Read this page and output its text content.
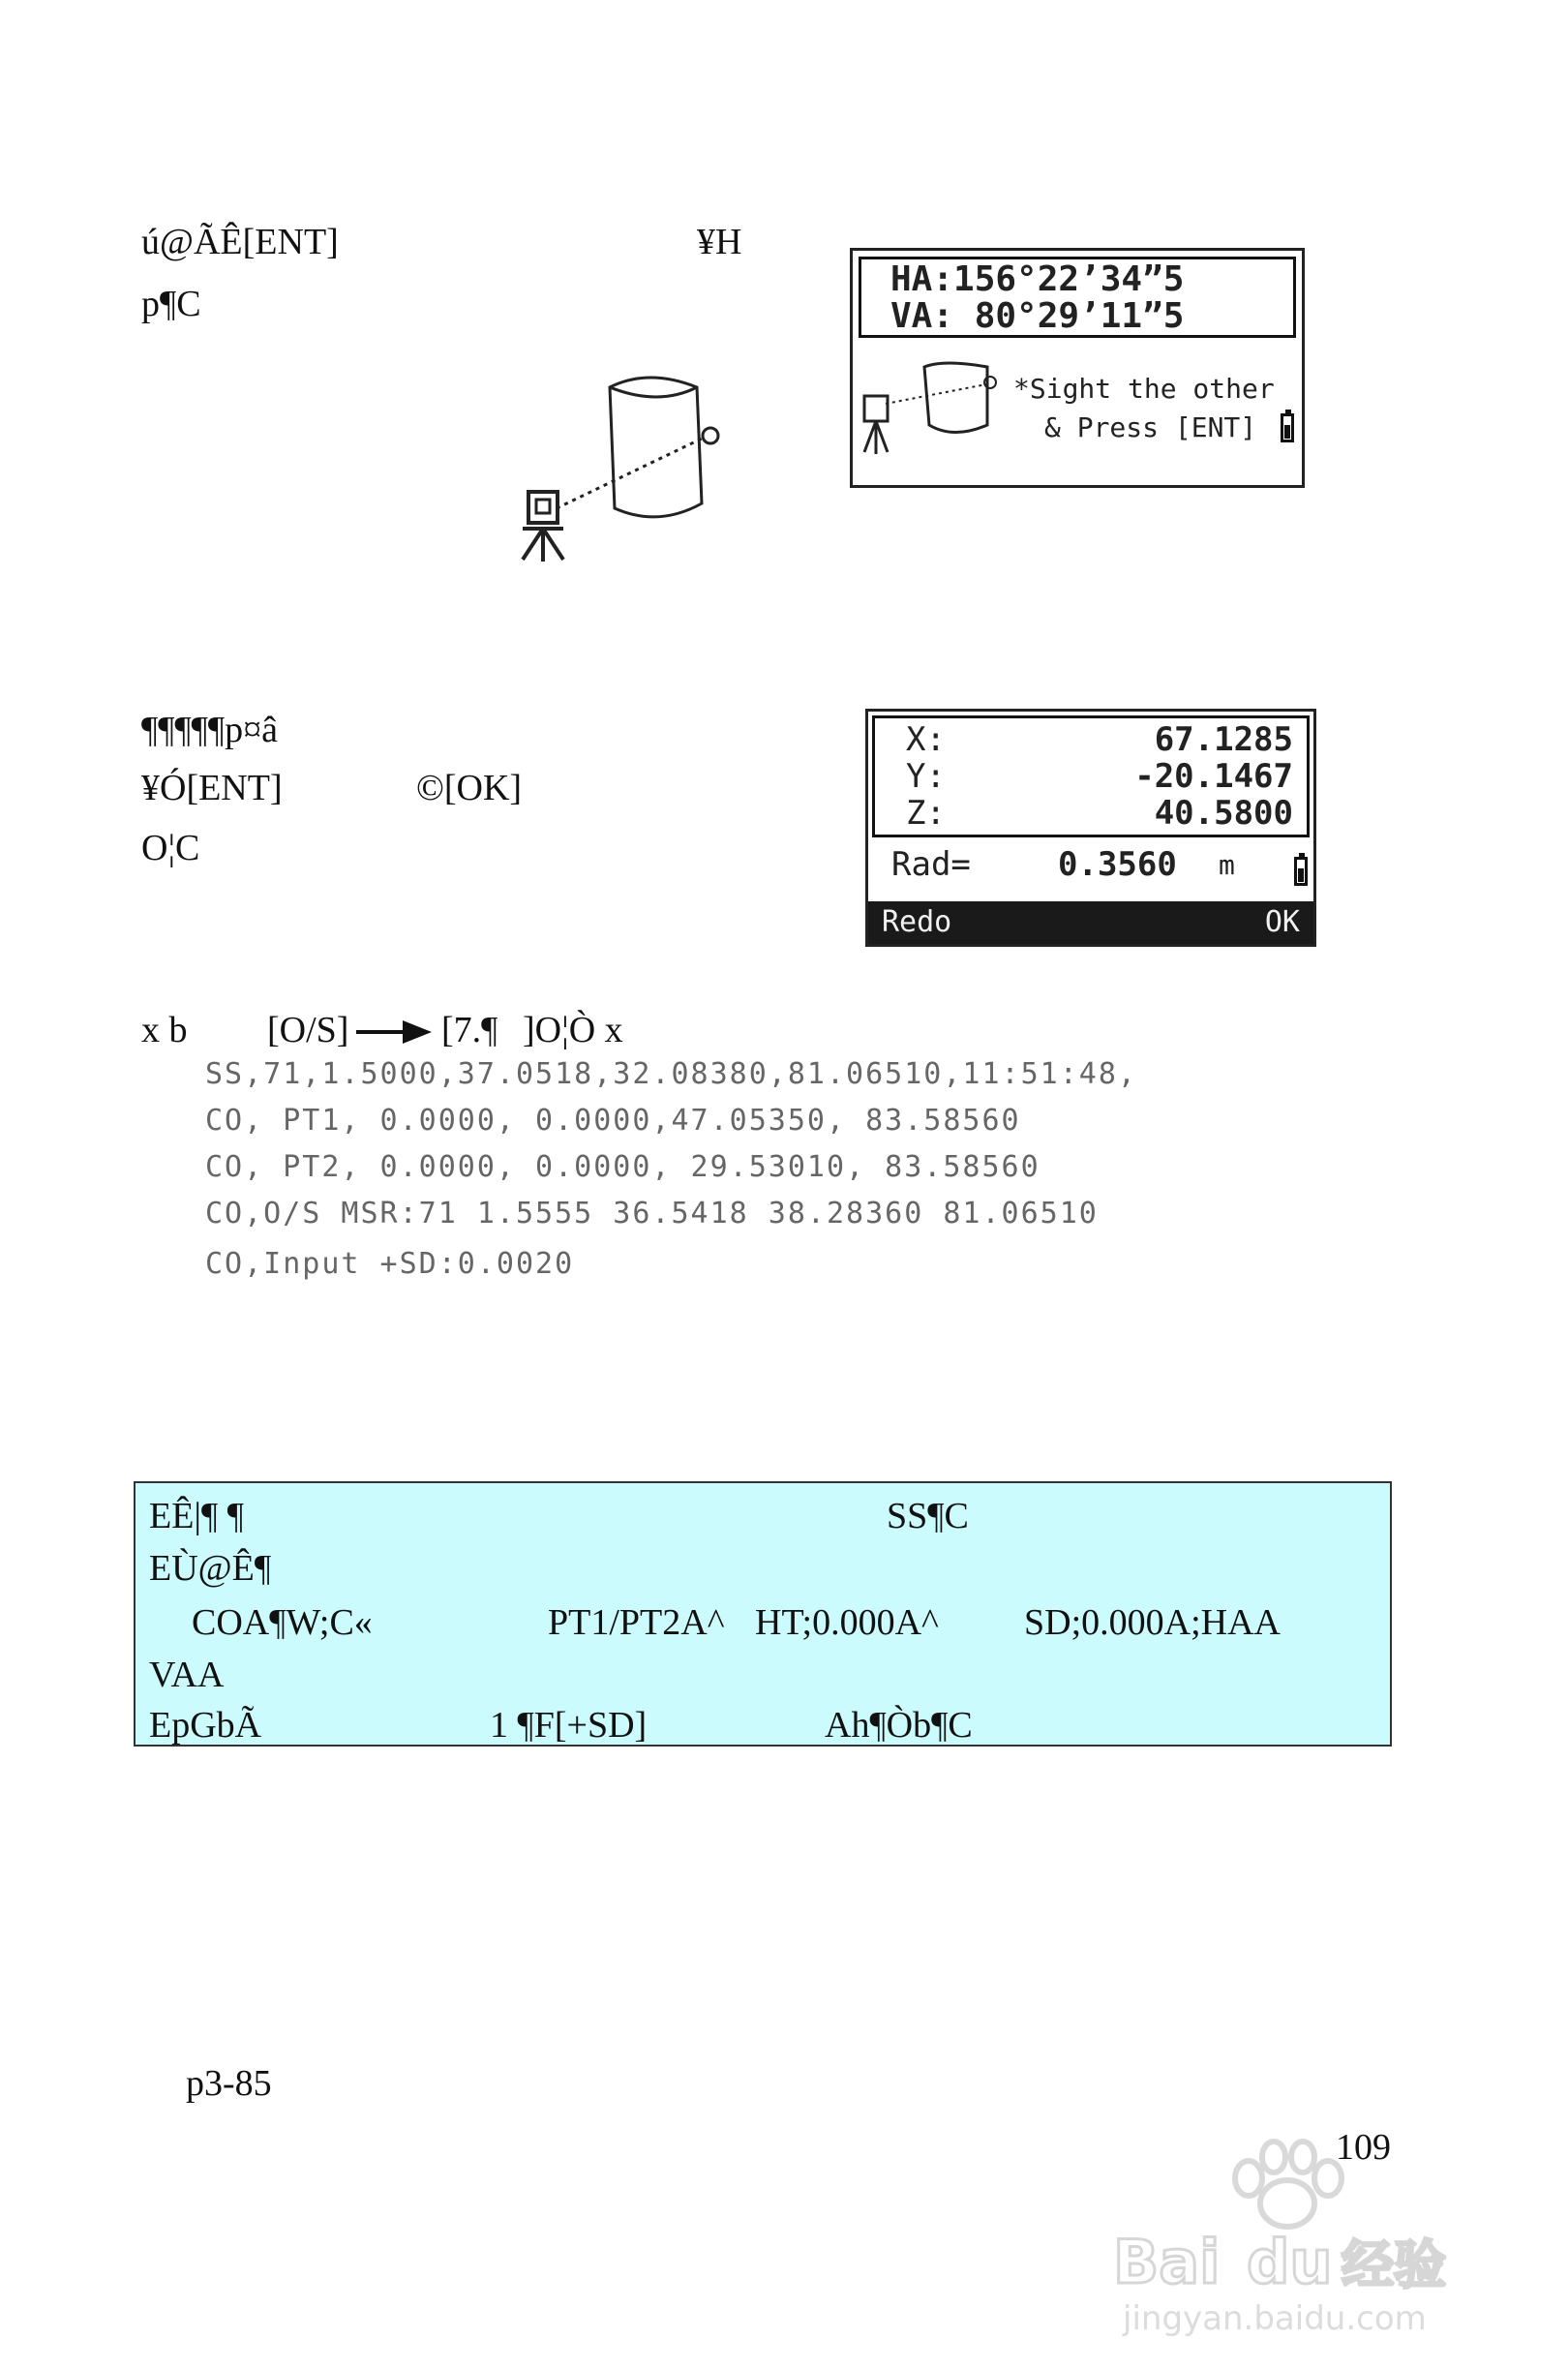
ú@ÃÊ[ENT]	¥H
p¶C
HA:156°22’34”5
VA: 80°29’11”5
*Sight the other
& Press [ENT]
¶¶¶¶¶p¤â
¥Ó[ENT]	©[OK]
O¦C
X:	67.1285
Y:	-20.1467
Z:	40.5800
Rad=	0.3560 m
Redo	OK
x b [O/S]	[7.¶ ]O¦Ò x
SS,71,1.5000,37.0518,32.08380,81.06510,11:51:48,
CO, PT1, 0.0000, 0.0000,47.05350, 83.58560
CO, PT2, 0.0000, 0.0000, 29.53010, 83.58560
CO,O/S MSR:71 1.5555 36.5418 38.28360 81.06510
CO,Input +SD:0.0020
EÊ|¶ ¶	SS¶C
EÙ@Ê¶
COA¶W;C«	PT1/PT2A^ HT;0.000A^ SD;0.000A;HAA
VAA
EpGbÃ	1 ¶F[+SD]	Ah¶Òb¶C
p3-85
109
Bai du 经验
jingyan.baidu.com
